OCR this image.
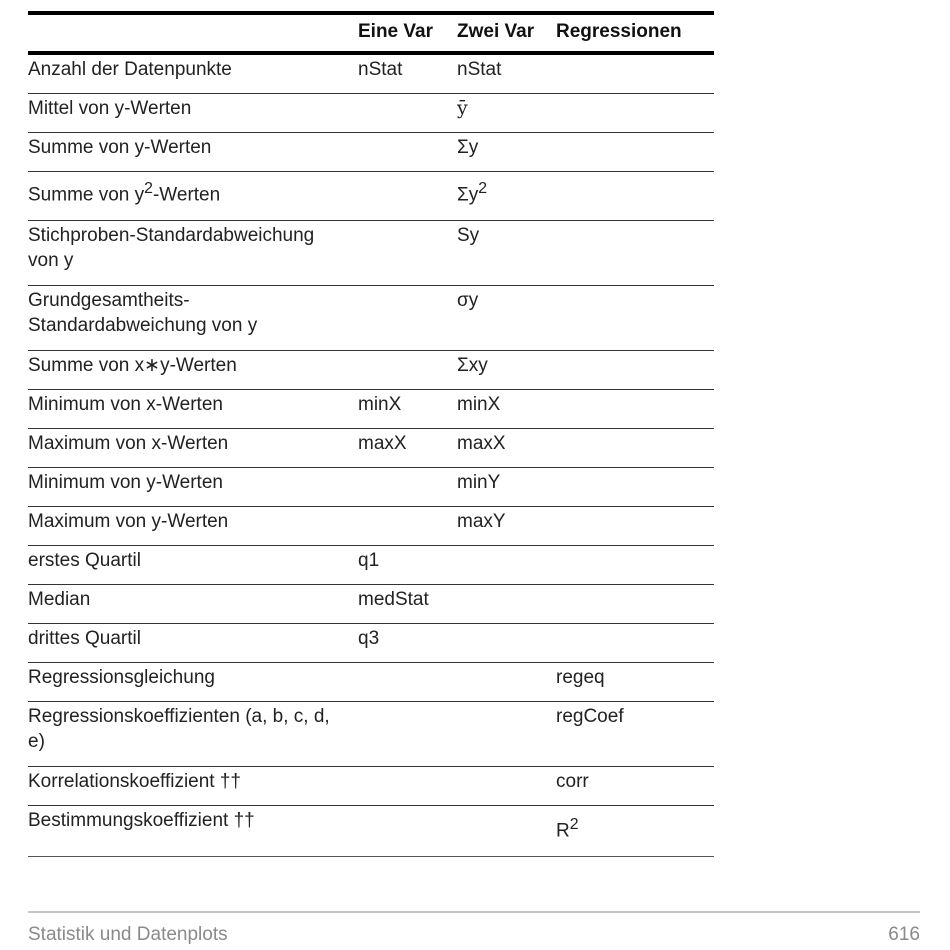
	Eine Var	Zwei Var	Regressionen
Anzahl der Datenpunkte	nStat	nStat	
Mittel von y-Werten		ȳ	
Summe von y-Werten		Σy	
Summe von $y^2$-Werten		$\Sigma y^2$	
Stichproben-Standardabweichung von y		Sy	
Grundgesamtheits-Standardabweichung von y		σy	
Summe von x∗y-Werten		Σxy	
Minimum von x-Werten	minX	minX	
Maximum von x-Werten	maxX	maxX	
Minimum von y-Werten		minY	
Maximum von y-Werten		maxY	
erstes Quartil	q1		
Median	medStat		
drittes Quartil	q3		
Regressionsgleichung			regeq
Regressionskoeffizienten (a, b, c, d, e)			regCoef
Korrelationskoeffizient ††			corr
Bestimmungskoeffizient ††			$R^2$
Statistik und Datenplots	616
